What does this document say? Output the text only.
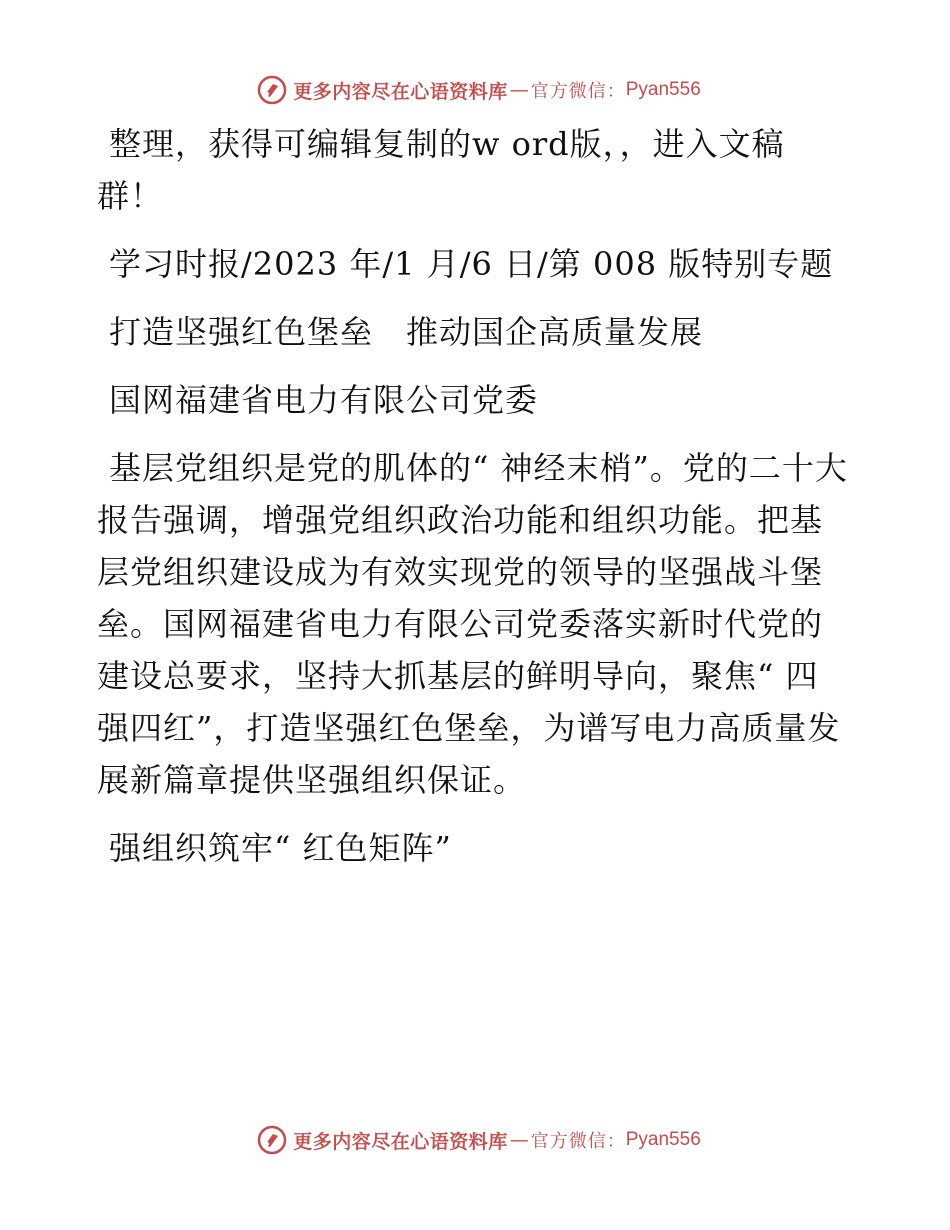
更多内容尽在心语资料库 — 官方微信： Pyan556

整理，获得可编辑复制的w ord版，，进入文稿群！

学习时报/2023 年/1 月/6 日/第 008 版特别专题

打造坚强红色堡垒　推动国企高质量发展

国网福建省电力有限公司党委

基层党组织是党的肌体的“ 神经末梢”。党的二十大报告强调，增强党组织政治功能和组织功能。把基层党组织建设成为有效实现党的领导的坚强战斗堡垒。国网福建省电力有限公司党委落实新时代党的建设总要求，坚持大抓基层的鲜明导向，聚焦“ 四强四红”，打造坚强红色堡垒，为谱写电力高质量发展新篇章提供坚强组织保证。

强组织筑牢“ 红色矩阵”

更多内容尽在心语资料库 — 官方微信： Pyan556
